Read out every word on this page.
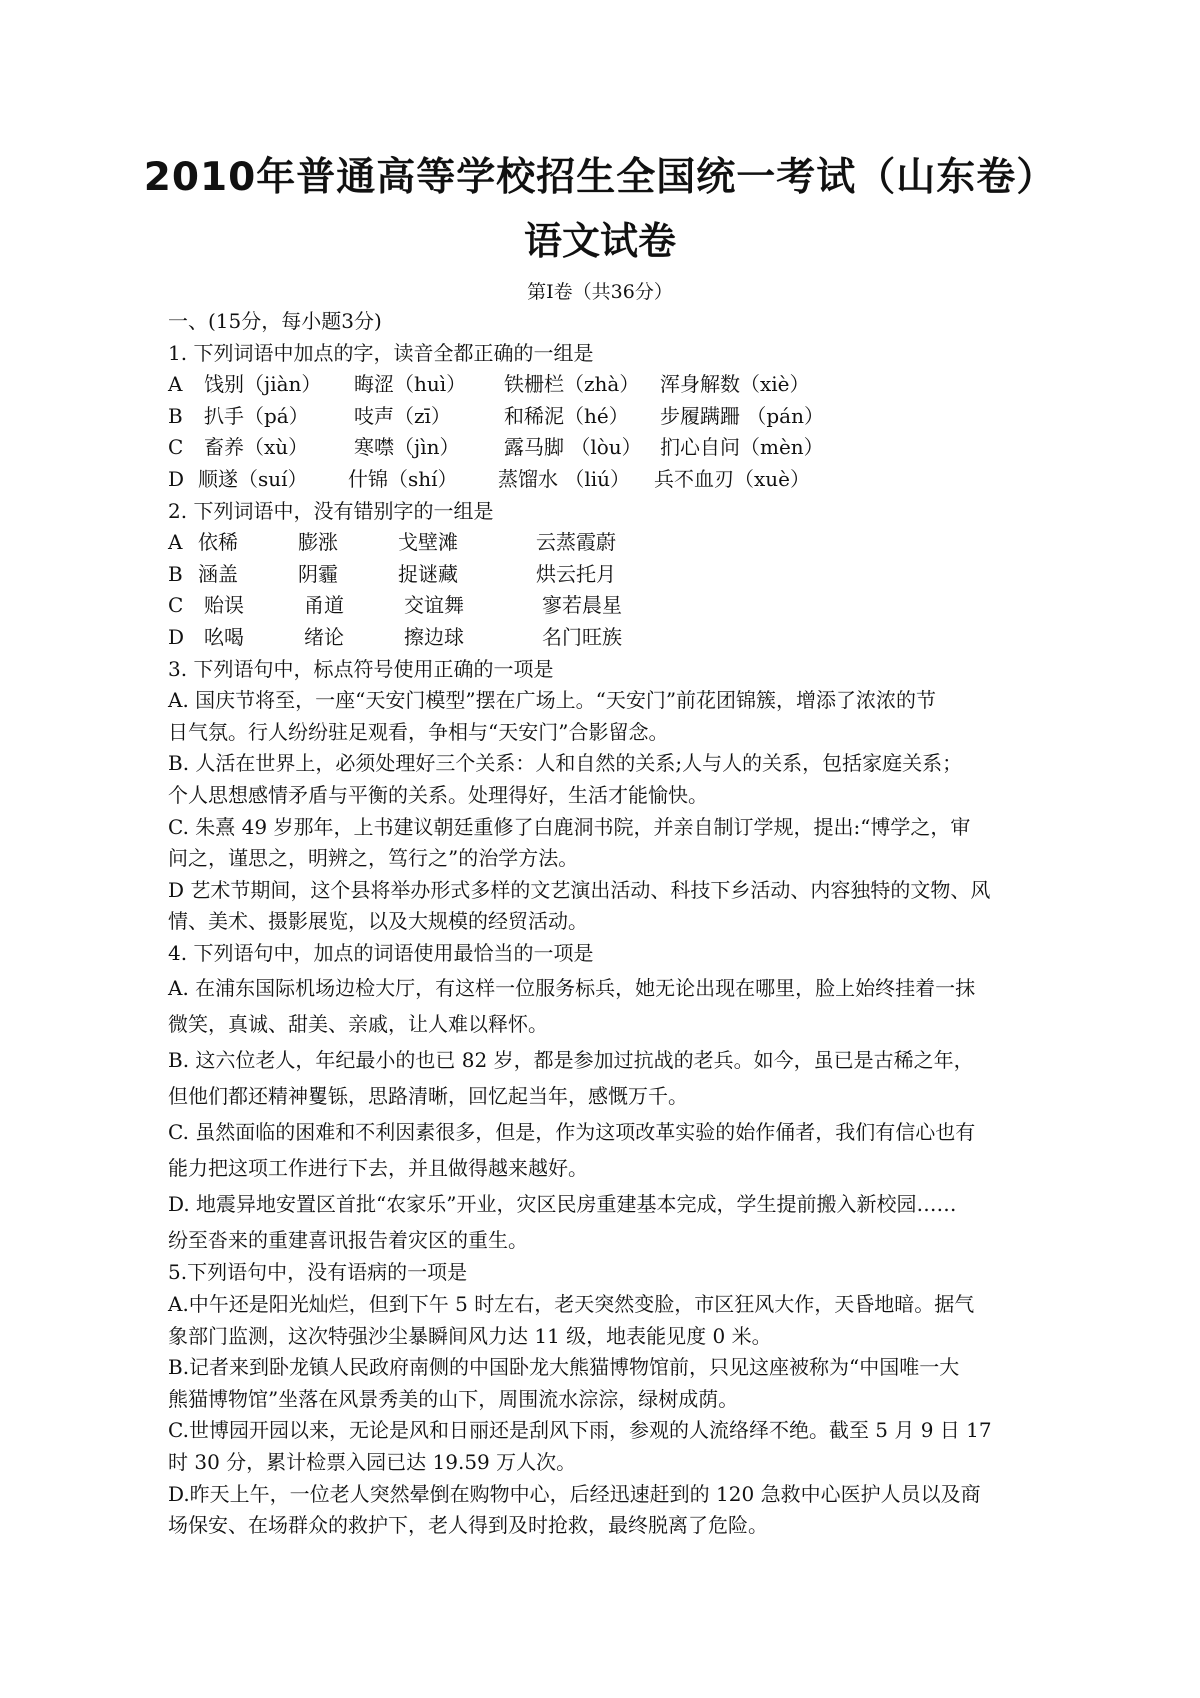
2010年普通高等学校招生全国统一考试（山东卷）
语文试卷
第Ⅰ卷（共36分）
一、(15分，每小题3分)
1. 下列词语中加点的字，读音全都正确的一组是
A	饯别（jiàn）	晦涩（huì）	铁栅栏（zhà）	浑身解数（xiè）
B	扒手（pá）	吱声（zī）	和稀泥（hé）	步履蹒跚 （pán）
C	畜养（xù）	寒噤（jìn）	露马脚 （lòu） 扪心自问（mèn）
D 顺遂（suí）	什锦（shí）	蒸馏水 （liú）	兵不血刃（xuè）
2. 下列词语中，没有错别字的一组是
A 依稀	膨涨	戈壁滩	云蒸霞蔚
B 涵盖	阴霾	捉谜藏	烘云托月
C	贻误	甬道	交谊舞	寥若晨星
D 吆喝	绪论	擦边球	名门旺族
3. 下列语句中，标点符号使用正确的一项是
A. 国庆节将至，一座“天安门模型”摆在广场上。“天安门”前花团锦簇，增添了浓浓的节
日气氛。行人纷纷驻足观看，争相与“天安门”合影留念。
B. 人活在世界上，必须处理好三个关系：人和自然的关系;人与人的关系，包括家庭关系；
个人思想感情矛盾与平衡的关系。处理得好，生活才能愉快。
C. 朱熹 49 岁那年，上书建议朝廷重修了白鹿洞书院，并亲自制订学规，提出:“博学之，审
问之，谨思之，明辨之，笃行之”的治学方法。
D 艺术节期间，这个县将举办形式多样的文艺演出活动、科技下乡活动、内容独特的文物、风
情、美术、摄影展览，以及大规模的经贸活动。
4. 下列语句中，加点的词语使用最恰当的一项是
A. 在浦东国际机场边检大厅，有这样一位服务标兵，她无论出现在哪里，脸上始终挂着一抹
微笑，真诚、甜美、亲戚，让人难以释怀。
B. 这六位老人，年纪最小的也已 82 岁，都是参加过抗战的老兵。如今，虽已是古稀之年，
但他们都还精神矍铄，思路清晰，回忆起当年，感慨万千。
C. 虽然面临的困难和不利因素很多，但是，作为这项改革实验的始作俑者，我们有信心也有
能力把这项工作进行下去，并且做得越来越好。
D. 地震异地安置区首批“农家乐”开业，灾区民房重建基本完成，学生提前搬入新校园……
纷至沓来的重建喜讯报告着灾区的重生。
5.下列语句中，没有语病的一项是
A.中午还是阳光灿烂，但到下午 5 时左右，老天突然变脸，市区狂风大作，天昏地暗。据气
象部门监测，这次特强沙尘暴瞬间风力达 11 级，地表能见度 0 米。
B.记者来到卧龙镇人民政府南侧的中国卧龙大熊猫博物馆前，只见这座被称为“中国唯一大
熊猫博物馆”坐落在风景秀美的山下，周围流水淙淙，绿树成荫。
C.世博园开园以来，无论是风和日丽还是刮风下雨，参观的人流络绎不绝。截至 5 月 9 日 17
时 30 分，累计检票入园已达 19.59 万人次。
D.昨天上午，一位老人突然晕倒在购物中心，后经迅速赶到的 120 急救中心医护人员以及商
场保安、在场群众的救护下，老人得到及时抢救，最终脱离了危险。
